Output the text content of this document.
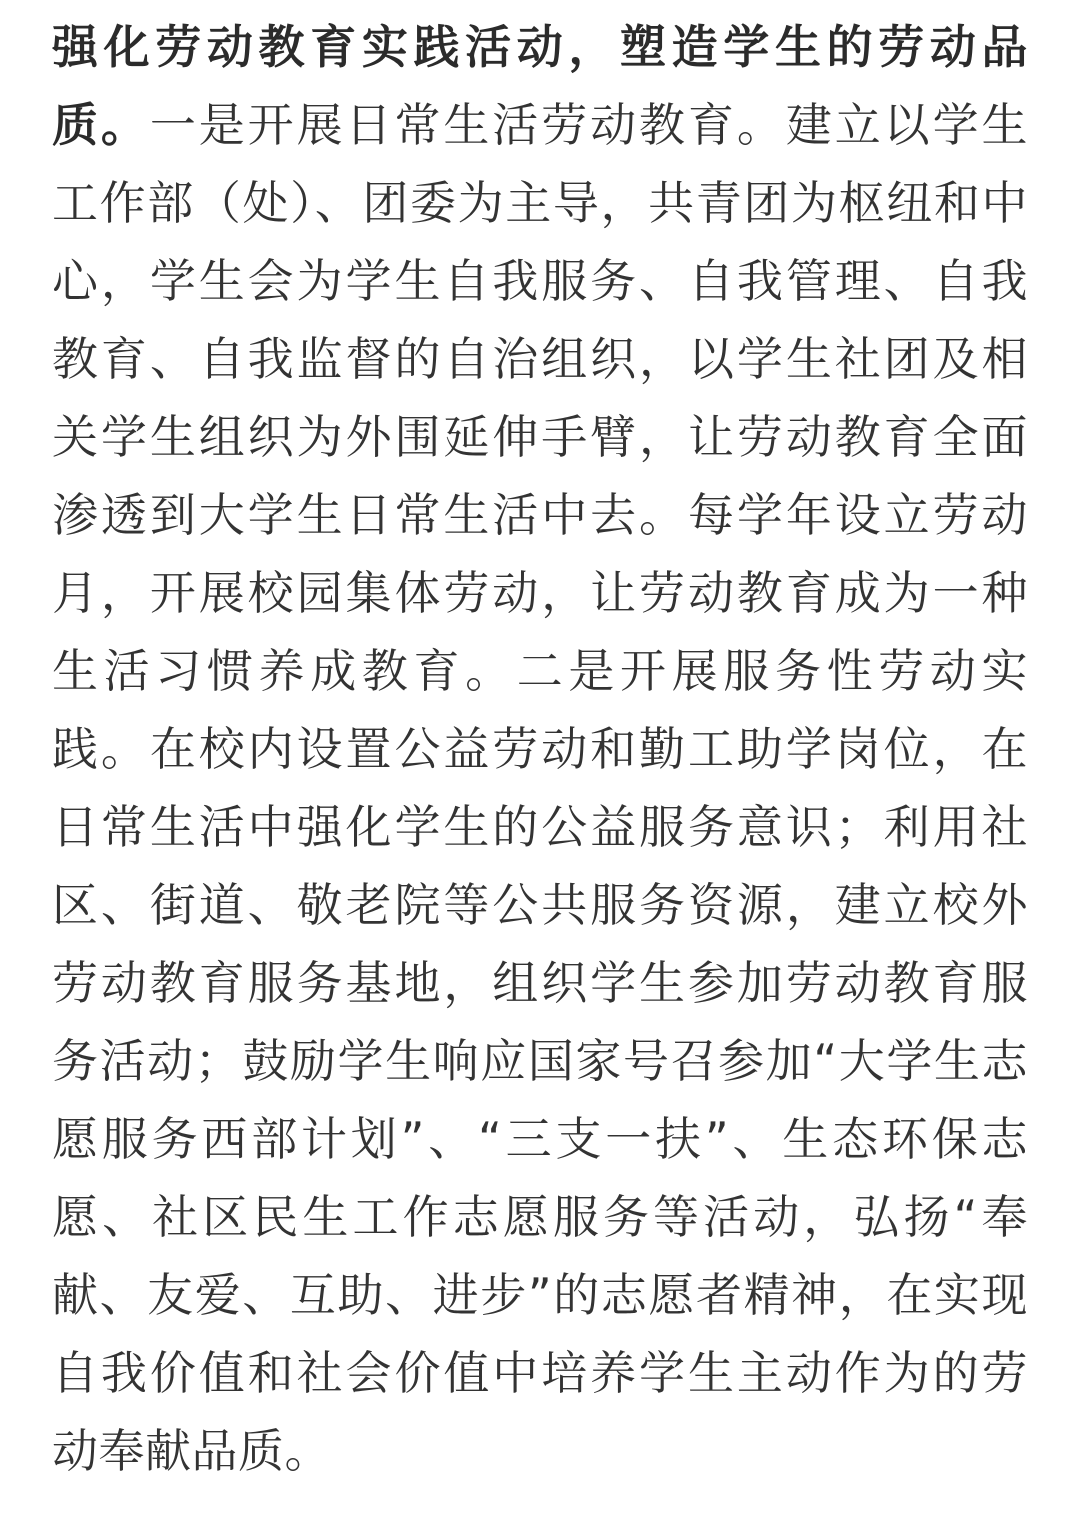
强化劳动教育实践活动，塑造学生的劳动品质。一是开展日常生活劳动教育。建立以学生工作部（处）、团委为主导，共青团为枢纽和中心，学生会为学生自我服务、自我管理、自我教育、自我监督的自治组织，以学生社团及相关学生组织为外围延伸手臂，让劳动教育全面渗透到大学生日常生活中去。每学年设立劳动月，开展校园集体劳动，让劳动教育成为一种生活习惯养成教育。二是开展服务性劳动实践。在校内设置公益劳动和勤工助学岗位，在日常生活中强化学生的公益服务意识；利用社区、街道、敬老院等公共服务资源，建立校外劳动教育服务基地，组织学生参加劳动教育服务活动；鼓励学生响应国家号召参加“大学生志愿服务西部计划”、“三支一扶”、生态环保志愿、社区民生工作志愿服务等活动，弘扬“奉献、友爱、互助、进步”的志愿者精神，在实现自我价值和社会价值中培养学生主动作为的劳动奉献品质。
